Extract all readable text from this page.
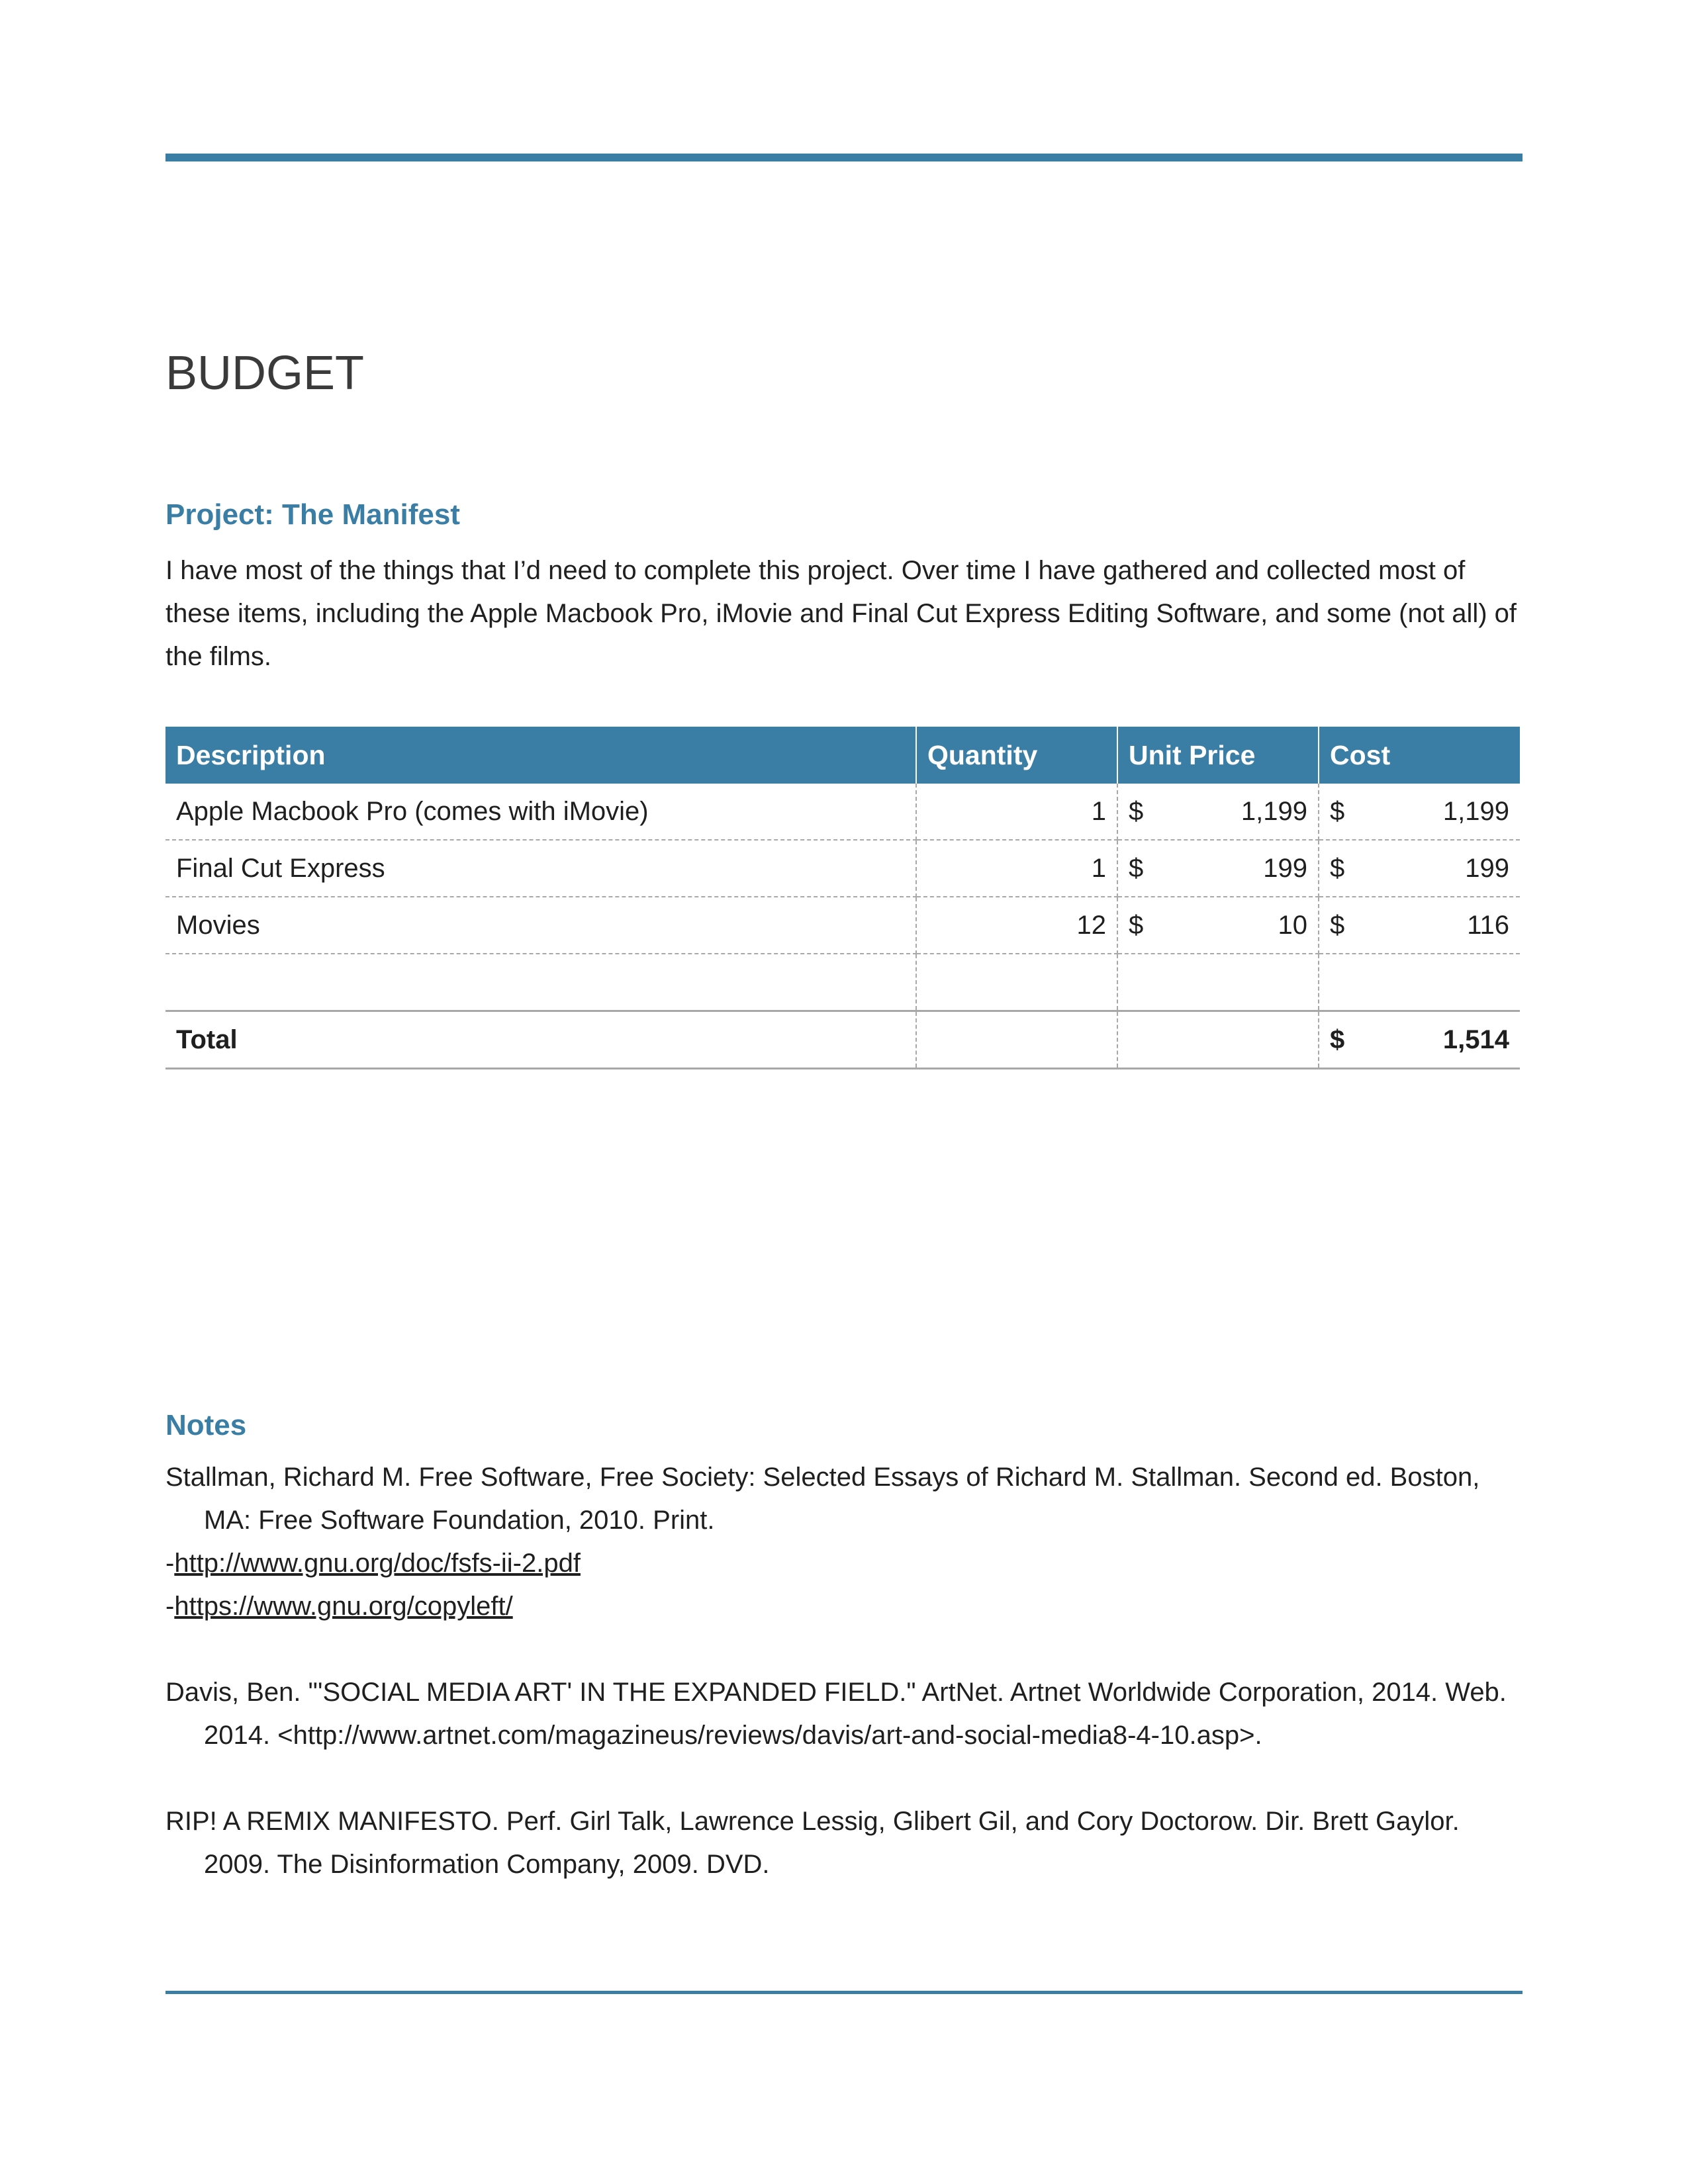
BUDGET
Project: The Manifest

I have most of the things that I’d need to complete this project. Over time I have gathered and collected most of these items, including the Apple Macbook Pro, iMovie and Final Cut Express Editing Software, and some (not all) of the films.

Description	Quantity	Unit Price	Cost
Apple Macbook Pro (comes with iMovie)	1	$ 1,199	$ 1,199

Final Cut Express	1	$ 199	$ 199

Movies	12	$ 10	$ 116

Total			$ 1,514
Notes

Stallman, Richard M. Free Software, Free Society: Selected Essays of Richard M. Stallman. Second ed. Boston, MA: Free Software Foundation, 2010. Print.

-http://www.gnu.org/doc/fsfs-ii-2.pdf

-https://www.gnu.org/copyleft/

Davis, Ben. "'SOCIAL MEDIA ART' IN THE EXPANDED FIELD." ArtNet. Artnet Worldwide Corporation, 2014. Web. 2014. <http://www.artnet.com/magazineus/reviews/davis/art-and-social-media8-4-10.asp>.

RIP! A REMIX MANIFESTO. Perf. Girl Talk, Lawrence Lessig, Glibert Gil, and Cory Doctorow. Dir. Brett Gaylor. 2009. The Disinformation Company, 2009. DVD.
